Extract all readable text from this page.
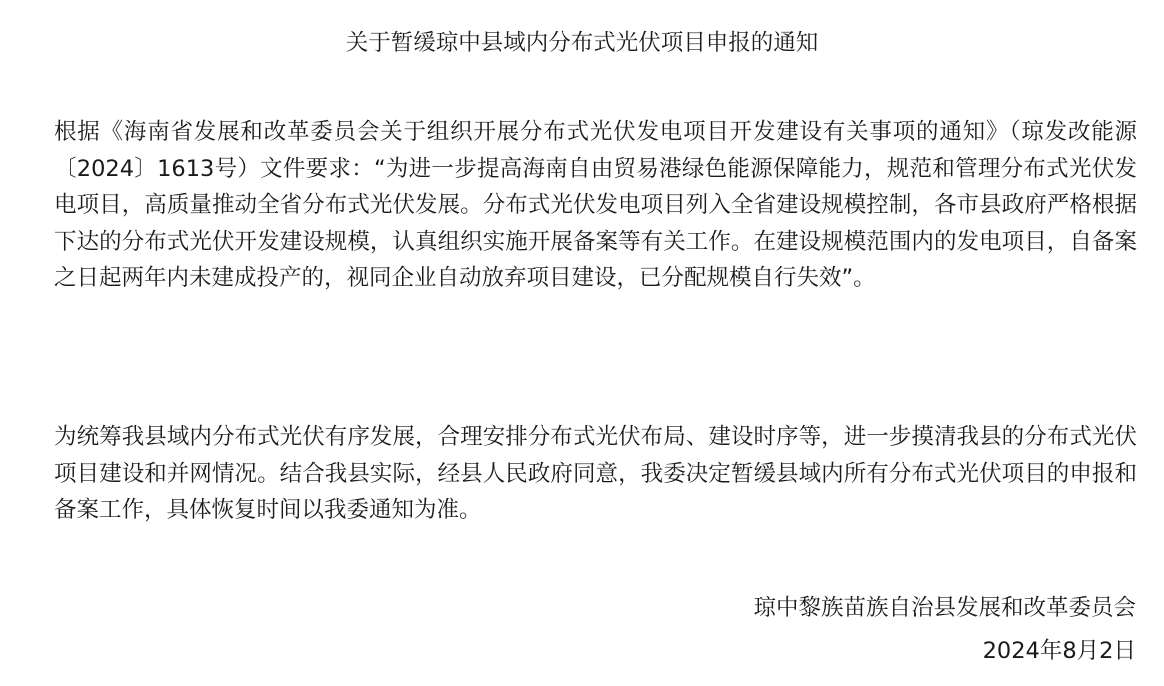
关于暂缓琼中县域内分布式光伏项目申报的通知

根据《海南省发展和改革委员会关于组织开展分布式光伏发电项目开发建设有关事项的通知》（琼发改能源〔2024〕1613号）文件要求：“为进一步提高海南自由贸易港绿色能源保障能力，规范和管理分布式光伏发电项目，高质量推动全省分布式光伏发展。分布式光伏发电项目列入全省建设规模控制，各市县政府严格根据下达的分布式光伏开发建设规模，认真组织实施开展备案等有关工作。在建设规模范围内的发电项目，自备案之日起两年内未建成投产的，视同企业自动放弃项目建设，已分配规模自行失效”。

为统筹我县域内分布式光伏有序发展，合理安排分布式光伏布局、建设时序等，进一步摸清我县的分布式光伏项目建设和并网情况。结合我县实际，经县人民政府同意，我委决定暂缓县域内所有分布式光伏项目的申报和备案工作，具体恢复时间以我委通知为准。

琼中黎族苗族自治县发展和改革委员会

2024年8月2日
